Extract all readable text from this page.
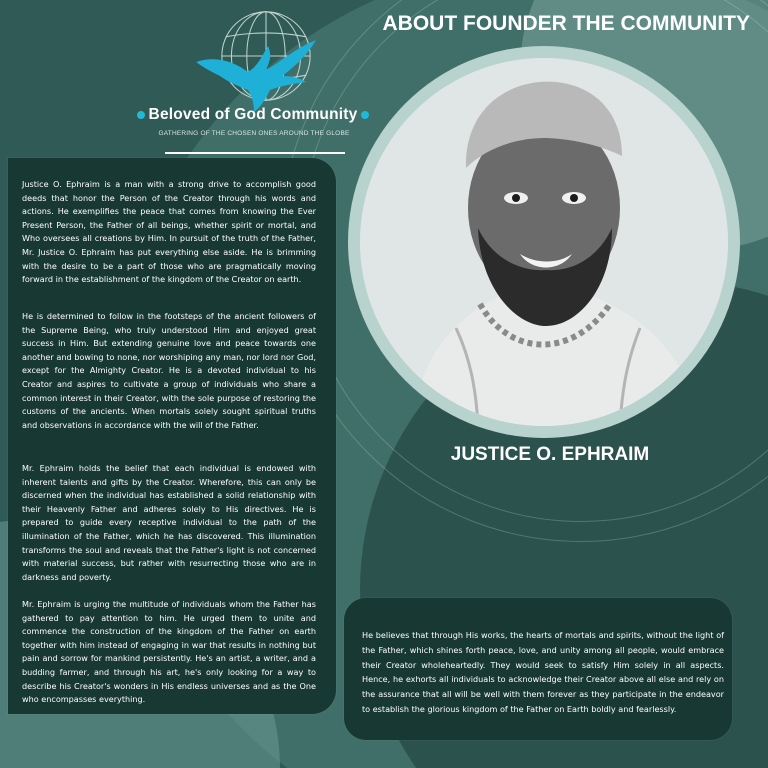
Beloved of God Community
GATHERING OF THE CHOSEN ONES AROUND THE GLOBE
ABOUT FOUNDER THE COMMUNITY
JUSTICE O. EPHRAIM
Justice O. Ephraim is a man with a strong drive to accomplish good deeds that honor the Person of the Creator through his words and actions. He exemplifies the peace that comes from knowing the Ever Present Person, the Father of all beings, whether spirit or mortal, and Who oversees all creations by Him. In pursuit of the truth of the Father, Mr. Justice O. Ephraim has put everything else aside. He is brimming with the desire to be a part of those who are pragmatically moving forward in the establishment of the kingdom of the Creator on earth.
He is determined to follow in the footsteps of the ancient followers of the Supreme Being, who truly understood Him and enjoyed great success in Him. But extending genuine love and peace towards one another and bowing to none, nor worshiping any man, nor lord nor God, except for the Almighty Creator. He is a devoted individual to his Creator and aspires to cultivate a group of individuals who share a common interest in their Creator, with the sole purpose of restoring the customs of the ancients. When mortals solely sought spiritual truths and observations in accordance with the will of the Father.
Mr. Ephraim holds the belief that each individual is endowed with inherent talents and gifts by the Creator. Wherefore, this can only be discerned when the individual has established a solid relationship with their Heavenly Father and adheres solely to His directives. He is prepared to guide every receptive individual to the path of the illumination of the Father, which he has discovered. This illumination transforms the soul and reveals that the Father's light is not concerned with material success, but rather with resurrecting those who are in darkness and poverty.
Mr. Ephraim is urging the multitude of individuals whom the Father has gathered to pay attention to him. He urged them to unite and commence the construction of the kingdom of the Father on earth together with him instead of engaging in war that results in nothing but pain and sorrow for mankind persistently. He's an artist, a writer, and a budding farmer, and through his art, he's only looking for a way to describe his Creator's wonders in His endless universes and as the One who encompasses everything.
He believes that through His works, the hearts of mortals and spirits, without the light of the Father, which shines forth peace, love, and unity among all people, would embrace their Creator wholeheartedly. They would seek to satisfy Him solely in all aspects. Hence, he exhorts all individuals to acknowledge their Creator above all else and rely on the assurance that all will be well with them forever as they participate in the endeavor to establish the glorious kingdom of the Father on Earth boldly and fearlessly.
